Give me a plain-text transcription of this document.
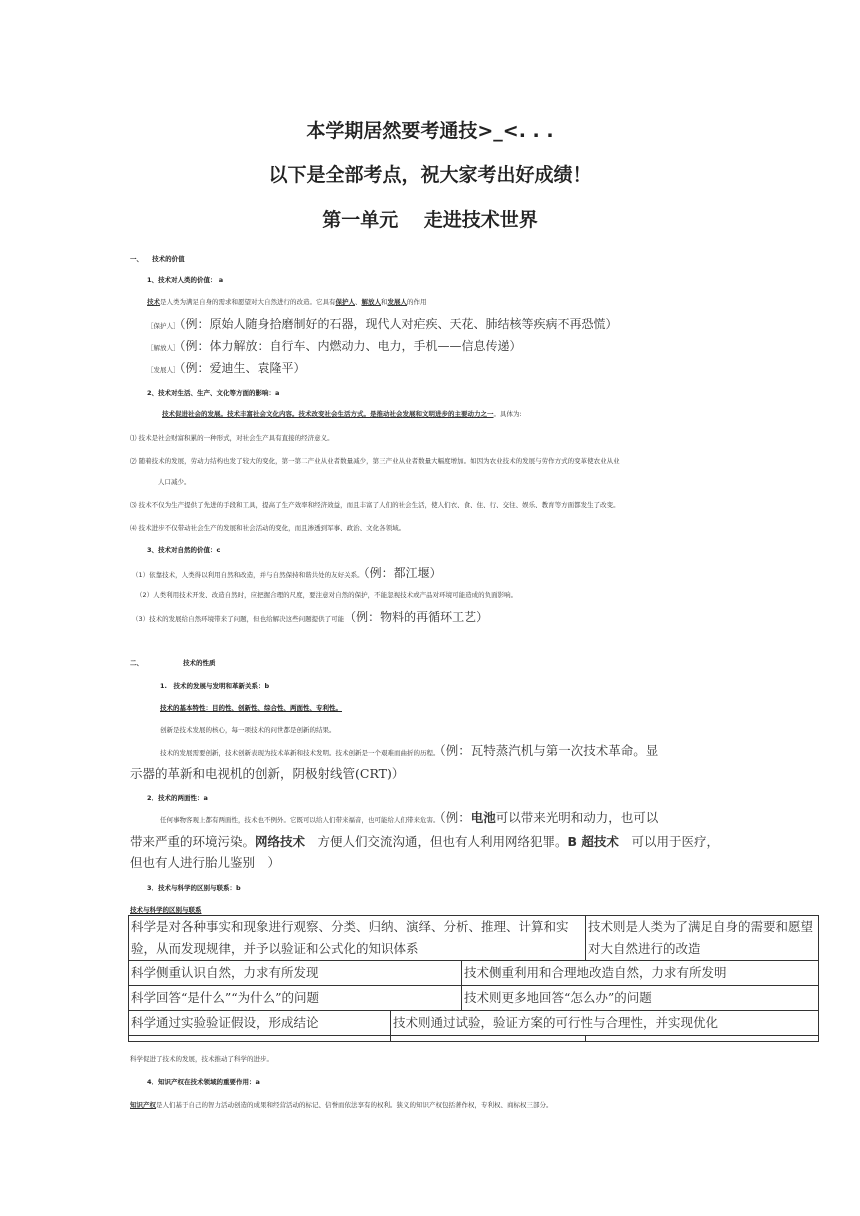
本学期居然要考通技>_<. . .
以下是全部考点，祝大家考出好成绩！
第一单元　 走进技术世界
一、 技术的价值
1、技术对人类的价值： a
技术是人类为满足自身的需求和愿望对大自然进行的改造。它具有保护人、解放人和发展人的作用
［保护人］（例：原始人随身拾磨制好的石器，现代人对疟疾、天花、肺结核等疾病不再恐慌）
［解放人］（例：体力解放：自行车、内燃动力、电力，手机——信息传递）
［发展人］（例：爱迪生、袁隆平）
2、技术对生活、生产、文化等方面的影响：a
技术促进社会的发展。技术丰富社会文化内容。技术改变社会生活方式。是推动社会发展和文明进步的主要动力之一。具体为:
⑴ 技术是社会财富积累的一种形式，对社会生产具有直接的经济意义。
⑵ 随着技术的发展，劳动力结构也发了较大的变化，第一第二产业从业者数量减少，第三产业从业者数量大幅度增加。如因为农业技术的发展与劳作方式的变革使农业从业
人口减少。
⑶ 技术不仅为生产提供了先进的手段和工具，提高了生产效率和经济效益，而且丰富了人们的社会生活，使人们衣、食、住、行、交往、娱乐、教育等方面都发生了改变。
⑷ 技术进步不仅带动社会生产的发展和社会活动的变化，而且渗透到军事、政治、文化各领域。
3、技术对自然的价值：c
（1）依靠技术，人类得以利用自然和改造，并与自然保持和谐共处的友好关系。（例：都江堰）
（2）人类利用技术开发、改造自然时，应把握合理的尺度，要注意对自然的保护，不能忽视技术或产品对环境可能造成的负面影响。
（3）技术的发展给自然环境带来了问题，但也给解决这些问题提供了可能（例：物料的再循环工艺）
二、	技术的性质
1.　技术的发展与发明和革新关系：b
技术的基本特性：目的性、创新性、综合性、两面性、专利性。
创新是技术发展的核心，每一项技术的问世都是创新的结果。
技术的发展需要创新，技术创新表现为技术革新和技术发明。技术创新是一个艰难而曲折的历程。（例：瓦特蒸汽机与第一次技术革命。显
示器的革新和电视机的创新，阴极射线管(CRT)）
2．技术的两面性：a
任何事物客观上都有两面性，技术也不例外。它既可以给人们带来福音，也可能给人们带来危害。（例：电池可以带来光明和动力，也可以
带来严重的环境污染。网络技术　方便人们交流沟通，但也有人利用网络犯罪。B 超技术　可以用于医疗，
但也有人进行胎儿鉴别　）
3．技术与科学的区别与联系：b
技术与科学的区别与联系
科学是对各种事实和现象进行观察、分类、归纳、演绎、分析、推理、计算和实验，从而发现规律，并予以验证和公式化的知识体系			技术则是人类为了满足自身的需要和愿望对大自然进行的改造
科学侧重认识自然，力求有所发现		技术侧重利用和合理地改造自然，力求有所发明	
科学回答“是什么”“为什么”的问题		技术则更多地回答“怎么办”的问题	
科学通过实验验证假设，形成结论	技术则通过试验，验证方案的可行性与合理性，并实现优化		

科学促进了技术的发展，技术推动了科学的进步。
4．知识产权在技术领域的重要作用：a
知识产权是人们基于自己的智力活动创造的成果和经营活动的标记、信誉而依法享有的权利。狭义的知识产权包括著作权，专利权、商标权三部分。
